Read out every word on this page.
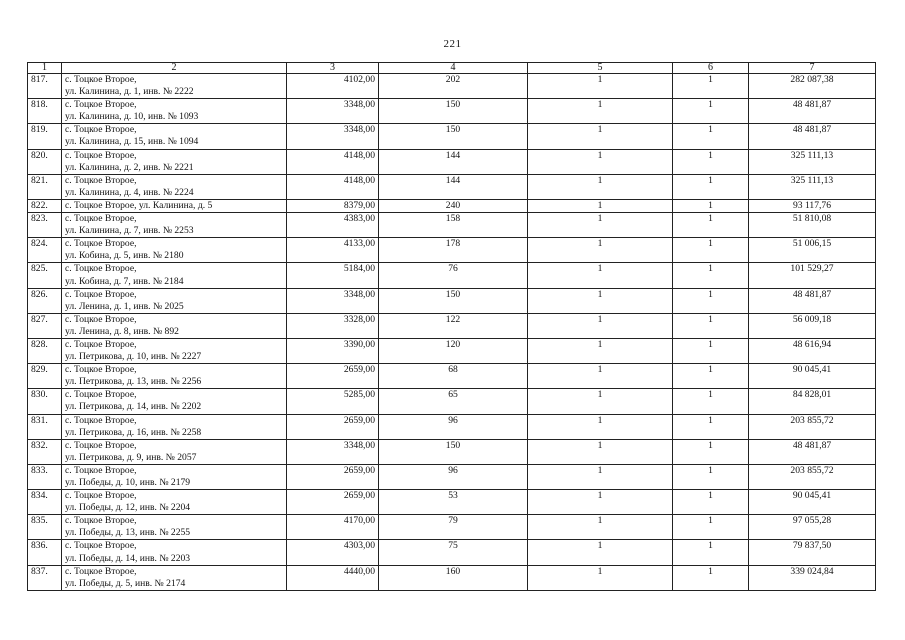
221
1	2	3	4	5	6	7
817.	с. Тоцкое Второе,
ул. Калинина, д. 1, инв. № 2222	4102,00	202	1	1	282 087,38
818.	с. Тоцкое Второе,
ул. Калинина, д. 10, инв. № 1093	3348,00	150	1	1	48 481,87
819.	с. Тоцкое Второе,
ул. Калинина, д. 15, инв. № 1094	3348,00	150	1	1	48 481,87
820.	с. Тоцкое Второе,
ул. Калинина, д. 2, инв. № 2221	4148,00	144	1	1	325 111,13
821.	с. Тоцкое Второе,
ул. Калинина, д. 4, инв. № 2224	4148,00	144	1	1	325 111,13
822.	с. Тоцкое Второе, ул. Калинина, д. 5	8379,00	240	1	1	93 117,76
823.	с. Тоцкое Второе,
ул. Калинина, д. 7, инв. № 2253	4383,00	158	1	1	51 810,08
824.	с. Тоцкое Второе,
ул. Кобина, д. 5, инв. № 2180	4133,00	178	1	1	51 006,15
825.	с. Тоцкое Второе,
ул. Кобина, д. 7, инв. № 2184	5184,00	76	1	1	101 529,27
826.	с. Тоцкое Второе,
ул. Ленина, д. 1, инв. № 2025	3348,00	150	1	1	48 481,87
827.	с. Тоцкое Второе,
ул. Ленина, д. 8, инв. № 892	3328,00	122	1	1	56 009,18
828.	с. Тоцкое Второе,
ул. Петрикова, д. 10, инв. № 2227	3390,00	120	1	1	48 616,94
829.	с. Тоцкое Второе,
ул. Петрикова, д. 13, инв. № 2256	2659,00	68	1	1	90 045,41
830.	с. Тоцкое Второе,
ул. Петрикова, д. 14, инв. № 2202	5285,00	65	1	1	84 828,01
831.	с. Тоцкое Второе,
ул. Петрикова, д. 16, инв. № 2258	2659,00	96	1	1	203 855,72
832.	с. Тоцкое Второе,
ул. Петрикова, д. 9, инв. № 2057	3348,00	150	1	1	48 481,87
833.	с. Тоцкое Второе,
ул. Победы, д. 10, инв. № 2179	2659,00	96	1	1	203 855,72
834.	с. Тоцкое Второе,
ул. Победы, д. 12, инв. № 2204	2659,00	53	1	1	90 045,41
835.	с. Тоцкое Второе,
ул. Победы, д. 13, инв. № 2255	4170,00	79	1	1	97 055,28
836.	с. Тоцкое Второе,
ул. Победы, д. 14, инв. № 2203	4303,00	75	1	1	79 837,50
837.	с. Тоцкое Второе,
ул. Победы, д. 5, инв. № 2174	4440,00	160	1	1	339 024,84
